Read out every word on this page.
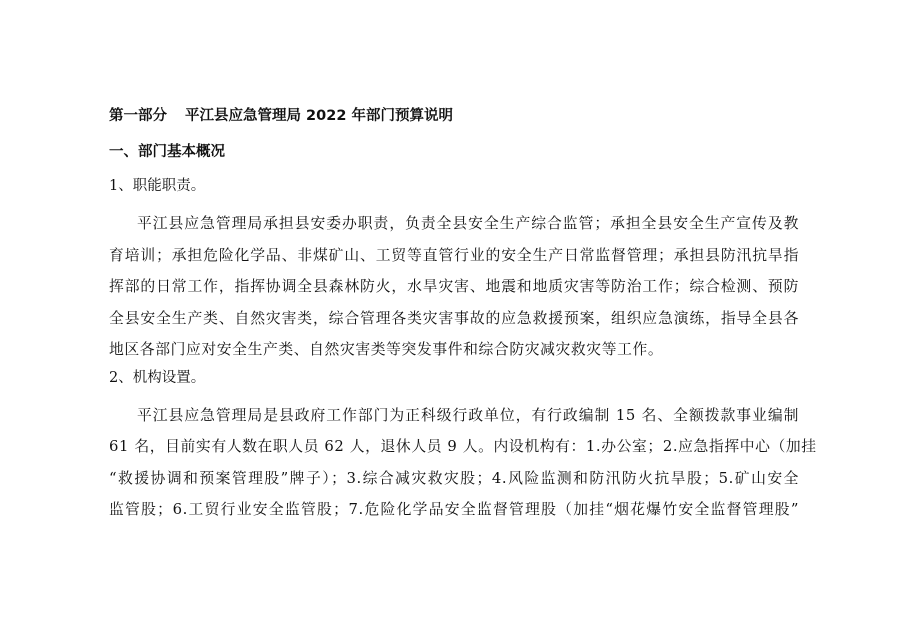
第一部分 平江县应急管理局 2022 年部门预算说明

一、部门基本概况

1、职能职责。

平江县应急管理局承担县安委办职责，负责全县安全生产综合监管；承担全县安全生产宣传及教
育培训；承担危险化学品、非煤矿山、工贸等直管行业的安全生产日常监督管理；承担县防汛抗旱指
挥部的日常工作，指挥协调全县森林防火，水旱灾害、地震和地质灾害等防治工作；综合检测、预防
全县安全生产类、自然灾害类，综合管理各类灾害事故的应急救援预案，组织应急演练，指导全县各
地区各部门应对安全生产类、自然灾害类等突发事件和综合防灾减灾救灾等工作。

2、机构设置。

平江县应急管理局是县政府工作部门为正科级行政单位，有行政编制 15 名、全额拨款事业编制
61 名，目前实有人数在职人员 62 人，退休人员 9 人。内设机构有：1.办公室；2.应急指挥中心（加挂
“救援协调和预案管理股”牌子）；3.综合减灾救灾股；4.风险监测和防汛防火抗旱股；5.矿山安全
监管股；6.工贸行业安全监管股；7.危险化学品安全监督管理股（加挂“烟花爆竹安全监督管理股”
